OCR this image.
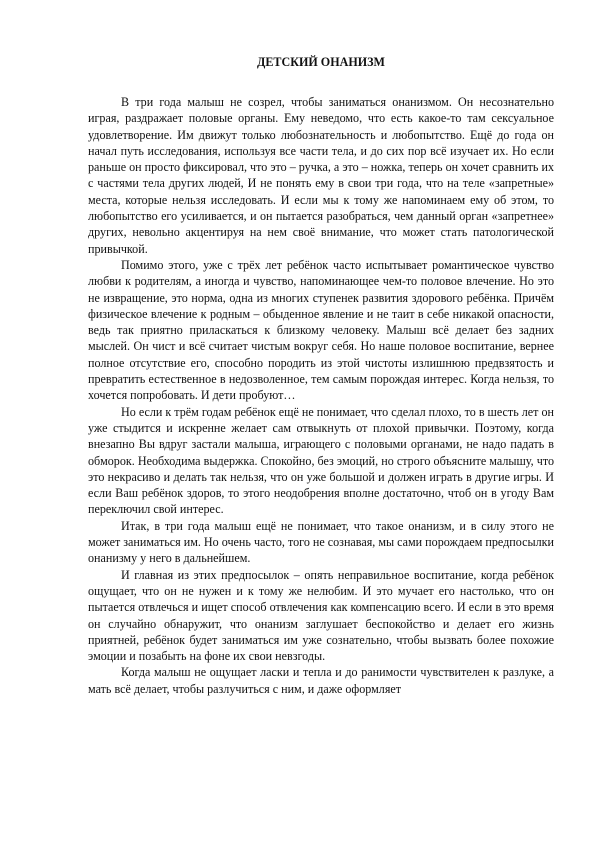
ДЕТСКИЙ ОНАНИЗМ

В три года малыш не созрел, чтобы заниматься онанизмом. Он несознательно играя, раздражает половые органы. Ему неведомо, что есть какое-то там сексуальное удовлетворение. Им движут только любознательность и любопытство. Ещё до года он начал путь исследования, используя все части тела, и до сих пор всё изучает их. Но если раньше он просто фиксировал, что это – ручка, а это – ножка, теперь он хочет сравнить их с частями тела других людей, И не понять ему в свои три года, что на теле «запретные» места, которые нельзя исследовать. И если мы к тому же напоминаем ему об этом, то любопытство его усиливается, и он пытается разобраться, чем данный орган «запретнее» других, невольно акцентируя на нем своё внимание, что может стать патологической привычкой.

Помимо этого, уже с трёх лет ребёнок часто испытывает романтическое чувство любви к родителям, а иногда и чувство, напоминающее чем-то половое влечение. Но это не извращение, это норма, одна из многих ступенек развития здорового ребёнка. Причём физическое влечение к родным – обыденное явление и не таит в себе никакой опасности, ведь так приятно прилaскаться к близкому человеку. Малыш всё делает без задних мыслей. Он чист и всё считает чистым вокруг себя. Но наше половое воспитание, вернее полное отсутствие его, способно породить из этой чистоты излишнюю предвзятость и превратить естественное в недозволенное, тем самым порождая интерес. Когда нельзя, то хочется попробовать. И дети пробуют…

Но если к трём годам ребёнок ещё не понимает, что сделал плохо, то в шесть лет он уже стыдится и искренне желает сам отвыкнуть от плохой привычки. Поэтому, когда внезапно Вы вдруг застали малыша, играющего с половыми органами, не надо падать в обморок. Необходима выдержка. Спокойно, без эмоций, но строго объясните малышу, что это некрасиво и делать так нельзя, что он уже большой и должен играть в другие игры. И если Ваш ребёнок здоров, то этого неодобрения вполне достаточно, чтоб он в угоду Вам переключил свой интерес.

Итак, в три года малыш ещё не понимает, что такое онанизм, и в силу этого не может заниматься им. Но очень часто, того не сознавая, мы сами порождаем предпосылки онанизму у него в дальнейшем.

И главная из этих предпосылок – опять неправильное воспитание, когда ребёнок ощущает, что он не нужен и к тому же нелюбим. И это мучает его настолько, что он пытается отвлечься и ищет способ отвлечения как компенсацию всего. И если в это время он случайно обнаружит, что онанизм заглушает беспокойство и делает его жизнь приятней, ребёнок будет заниматься им уже сознательно, чтобы вызвать более похожие эмоции и позабыть на фоне их свои невзгоды.

Когда малыш не ощущает ласки и тепла и до ранимости чувствителен к разлуке, а мать всё делает, чтобы разлучиться с ним, и даже оформляет
